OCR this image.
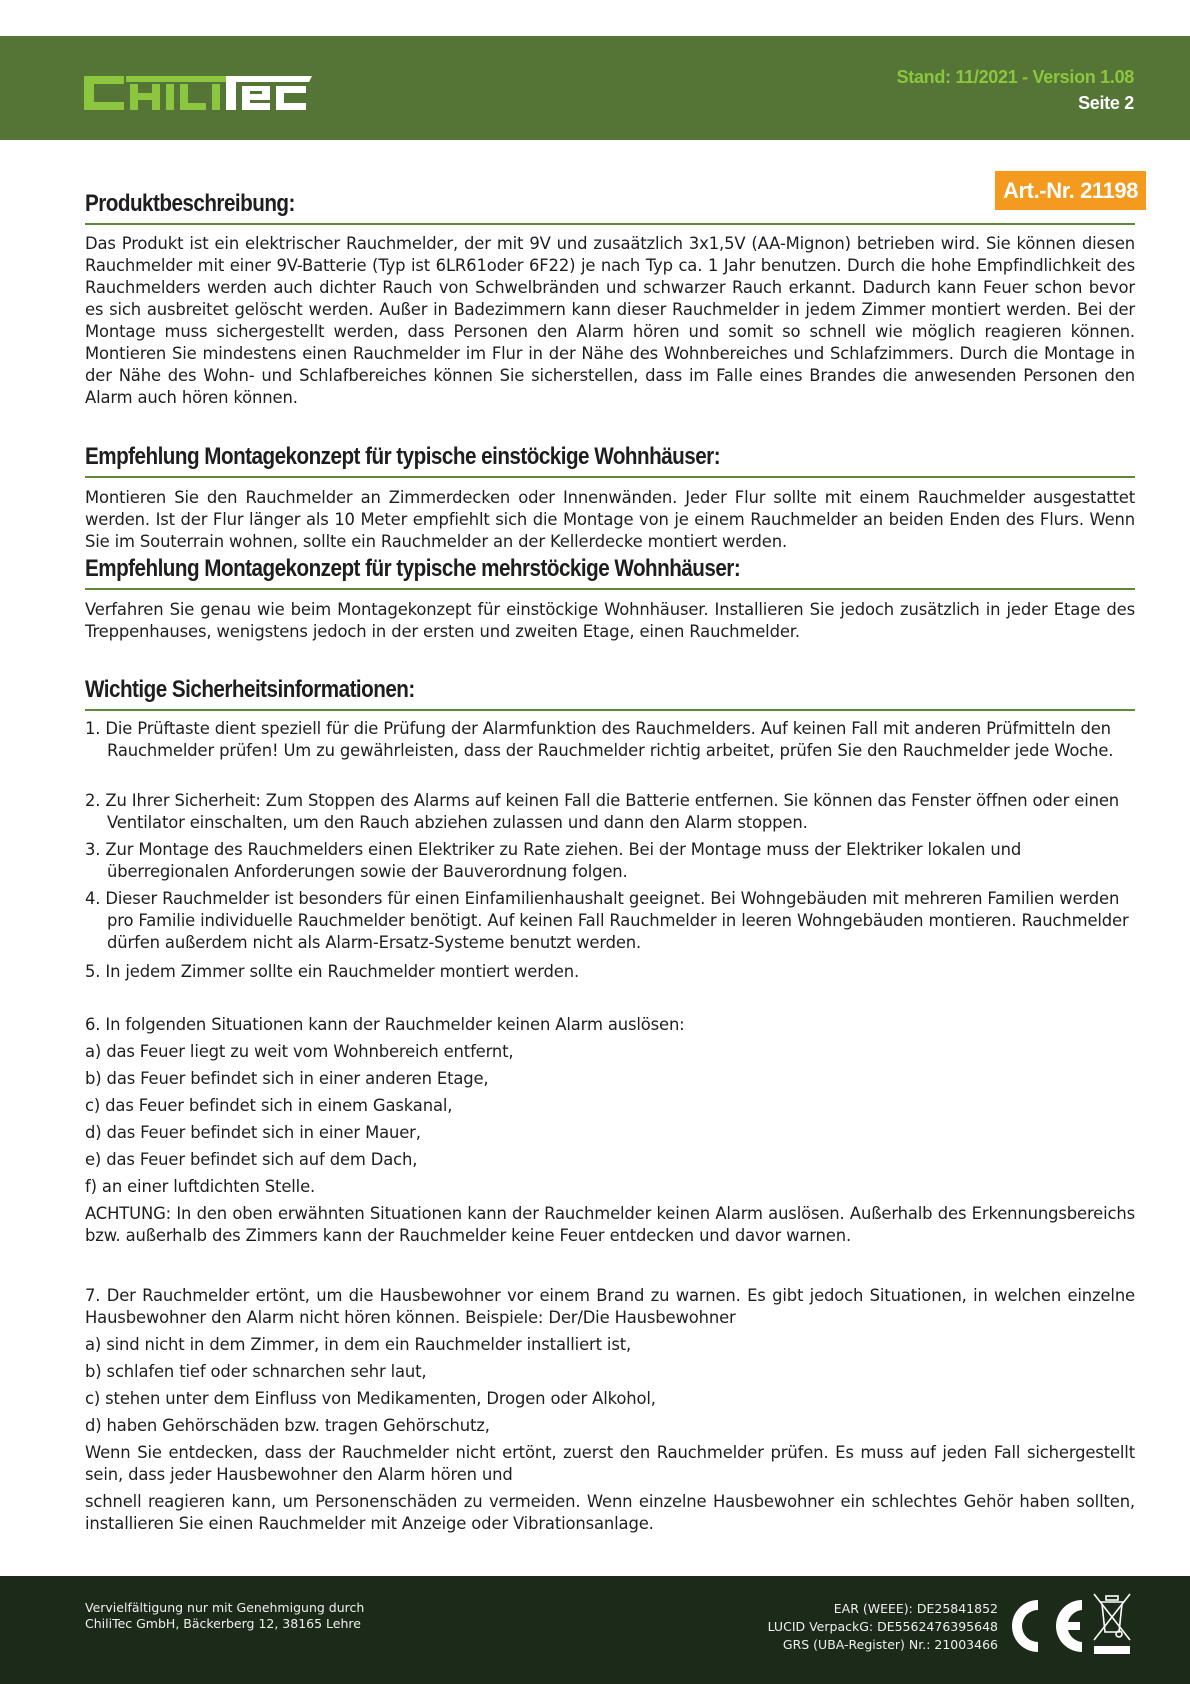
Stand: 11/2021 - Version 1.08
Seite 2
Art.-Nr. 21198
Produktbeschreibung:
Das Produkt ist ein elektrischer Rauchmelder, der mit 9V und zusaätzlich 3x1,5V (AA-Mignon) betrieben wird. Sie können diesen Rauchmelder mit einer 9V-Batterie (Typ ist 6LR61oder 6F22) je nach Typ ca. 1 Jahr benutzen. Durch die hohe Empfindlichkeit des Rauchmelders werden auch dichter Rauch von Schwelbränden und schwarzer Rauch erkannt. Dadurch kann Feuer schon bevor es sich ausbreitet gelöscht werden. Außer in Badezimmern kann dieser Rauchmelder in jedem Zimmer montiert werden. Bei der Montage muss sichergestellt werden, dass Personen den Alarm hören und somit so schnell wie möglich reagieren können. Montieren Sie mindestens einen Rauchmelder im Flur in der Nähe des Wohnbereiches und Schlafzimmers. Durch die Montage in der Nähe des Wohn- und Schlafbereiches können Sie sicherstellen, dass im Falle eines Brandes die anwesenden Personen den Alarm auch hören können.
Empfehlung Montagekonzept für typische einstöckige Wohnhäuser:
Montieren Sie den Rauchmelder an Zimmerdecken oder Innenwänden. Jeder Flur sollte mit einem Rauchmelder ausgestattet werden. Ist der Flur länger als 10 Meter empfiehlt sich die Montage von je einem Rauchmelder an beiden Enden des Flurs. Wenn Sie im Souterrain wohnen, sollte ein Rauchmelder an der Kellerdecke montiert werden.
Empfehlung Montagekonzept für typische mehrstöckige Wohnhäuser:
Verfahren Sie genau wie beim Montagekonzept für einstöckige Wohnhäuser. Installieren Sie jedoch zusätzlich in jeder Etage des Treppenhauses, wenigstens jedoch in der ersten und zweiten Etage, einen Rauchmelder.
Wichtige Sicherheitsinformationen:
1. Die Prüftaste dient speziell für die Prüfung der Alarmfunktion des Rauchmelders. Auf keinen Fall mit anderen Prüfmitteln den Rauchmelder prüfen! Um zu gewährleisten, dass der Rauchmelder richtig arbeitet, prüfen Sie den Rauchmelder jede Woche.
2. Zu Ihrer Sicherheit: Zum Stoppen des Alarms auf keinen Fall die Batterie entfernen. Sie können das Fenster öffnen oder einen Ventilator einschalten, um den Rauch abziehen zulassen und dann den Alarm stoppen.
3. Zur Montage des Rauchmelders einen Elektriker zu Rate ziehen. Bei der Montage muss der Elektriker lokalen und überregionalen Anforderungen sowie der Bauverordnung folgen.
4. Dieser Rauchmelder ist besonders für einen Einfamilienhaushalt geeignet. Bei Wohngebäuden mit mehreren Familien werden pro Familie individuelle Rauchmelder benötigt. Auf keinen Fall Rauchmelder in leeren Wohngebäuden montieren. Rauchmelder dürfen außerdem nicht als Alarm-Ersatz-Systeme benutzt werden.
5. In jedem Zimmer sollte ein Rauchmelder montiert werden.
6. In folgenden Situationen kann der Rauchmelder keinen Alarm auslösen:
a) das Feuer liegt zu weit vom Wohnbereich entfernt,
b) das Feuer befindet sich in einer anderen Etage,
c) das Feuer befindet sich in einem Gaskanal,
d) das Feuer befindet sich in einer Mauer,
e) das Feuer befindet sich auf dem Dach,
f) an einer luftdichten Stelle.
ACHTUNG: In den oben erwähnten Situationen kann der Rauchmelder keinen Alarm auslösen. Außerhalb des Erkennungsbereichs bzw. außerhalb des Zimmers kann der Rauchmelder keine Feuer entdecken und davor warnen.
7. Der Rauchmelder ertönt, um die Hausbewohner vor einem Brand zu warnen. Es gibt jedoch Situationen, in welchen einzelne Hausbewohner den Alarm nicht hören können. Beispiele: Der/Die Hausbewohner
a) sind nicht in dem Zimmer, in dem ein Rauchmelder installiert ist,
b) schlafen tief oder schnarchen sehr laut,
c) stehen unter dem Einfluss von Medikamenten, Drogen oder Alkohol,
d) haben Gehörschäden bzw. tragen Gehörschutz,
Wenn Sie entdecken, dass der Rauchmelder nicht ertönt, zuerst den Rauchmelder prüfen. Es muss auf jeden Fall sichergestellt sein, dass jeder Hausbewohner den Alarm hören und
schnell reagieren kann, um Personenschäden zu vermeiden. Wenn einzelne Hausbewohner ein schlechtes Gehör haben sollten, installieren Sie einen Rauchmelder mit Anzeige oder Vibrationsanlage.
Vervielfältigung nur mit Genehmigung durch
ChiliTec GmbH, Bäckerberg 12, 38165 Lehre
EAR (WEEE): DE25841852
LUCID VerpackG: DE5562476395648
GRS (UBA-Register) Nr.: 21003466
